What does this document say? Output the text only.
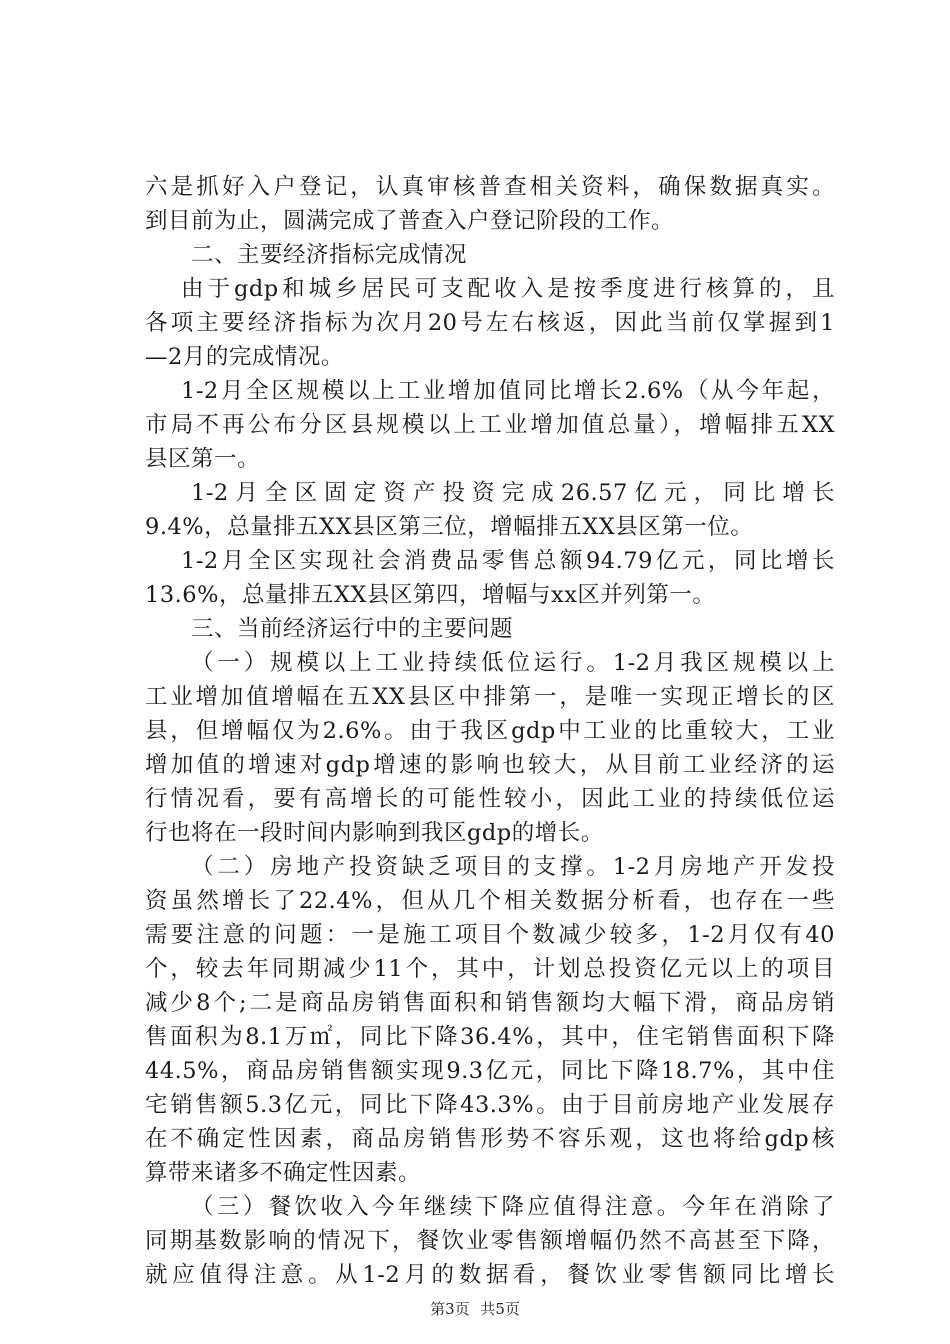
六是抓好入户登记，认真审核普查相关资料，确保数据真实。
到目前为止，圆满完成了普查入户登记阶段的工作。
二、主要经济指标完成情况
由于gdp和城乡居民可支配收入是按季度进行核算的，且
各项主要经济指标为次月20号左右核返，因此当前仅掌握到1
—2月的完成情况。
1-2月全区规模以上工业增加值同比增长2.6%（从今年起，
市局不再公布分区县规模以上工业增加值总量），增幅排五XX
县区第一。
1-2月全区固定资产投资完成26.57亿元，同比增长
9.4%，总量排五XX县区第三位，增幅排五XX县区第一位。
1-2月全区实现社会消费品零售总额94.79亿元，同比增长
13.6%，总量排五XX县区第四，增幅与xx区并列第一。
三、当前经济运行中的主要问题
（一）规模以上工业持续低位运行。1-2月我区规模以上
工业增加值增幅在五XX县区中排第一，是唯一实现正增长的区
县，但增幅仅为2.6%。由于我区gdp中工业的比重较大，工业
增加值的增速对gdp增速的影响也较大，从目前工业经济的运
行情况看，要有高增长的可能性较小，因此工业的持续低位运
行也将在一段时间内影响到我区gdp的增长。
（二）房地产投资缺乏项目的支撑。1-2月房地产开发投
资虽然增长了22.4%，但从几个相关数据分析看，也存在一些
需要注意的问题：一是施工项目个数减少较多，1-2月仅有40
个，较去年同期减少11个，其中，计划总投资亿元以上的项目
减少8个;二是商品房销售面积和销售额均大幅下滑，商品房销
售面积为8.1万㎡，同比下降36.4%，其中，住宅销售面积下降
44.5%，商品房销售额实现9.3亿元，同比下降18.7%，其中住
宅销售额5.3亿元，同比下降43.3%。由于目前房地产业发展存
在不确定性因素，商品房销售形势不容乐观，这也将给gdp核
算带来诸多不确定性因素。
（三）餐饮收入今年继续下降应值得注意。今年在消除了
同期基数影响的情况下，餐饮业零售额增幅仍然不高甚至下降，
就应值得注意。从1-2月的数据看，餐饮业零售额同比增长
第3页 共5页
